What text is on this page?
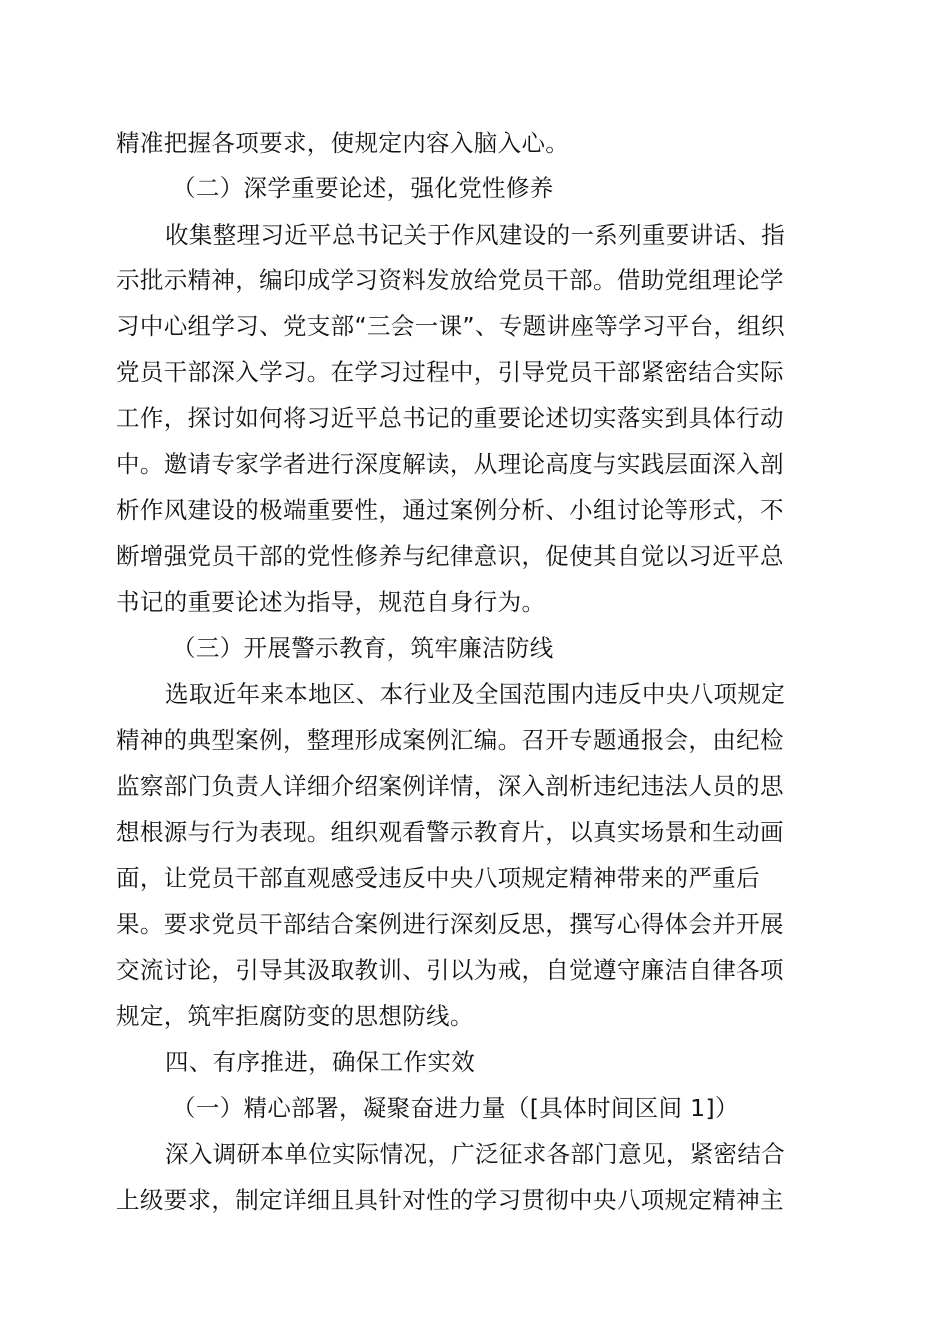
精准把握各项要求，使规定内容入脑入心。
（二）深学重要论述，强化党性修养
收集整理习近平总书记关于作风建设的一系列重要讲话、指
示批示精神，编印成学习资料发放给党员干部。借助党组理论学
习中心组学习、党支部“三会一课”、专题讲座等学习平台，组织
党员干部深入学习。在学习过程中，引导党员干部紧密结合实际
工作，探讨如何将习近平总书记的重要论述切实落实到具体行动
中。邀请专家学者进行深度解读，从理论高度与实践层面深入剖
析作风建设的极端重要性，通过案例分析、小组讨论等形式，不
断增强党员干部的党性修养与纪律意识，促使其自觉以习近平总
书记的重要论述为指导，规范自身行为。
（三）开展警示教育，筑牢廉洁防线
选取近年来本地区、本行业及全国范围内违反中央八项规定
精神的典型案例，整理形成案例汇编。召开专题通报会，由纪检
监察部门负责人详细介绍案例详情，深入剖析违纪违法人员的思
想根源与行为表现。组织观看警示教育片，以真实场景和生动画
面，让党员干部直观感受违反中央八项规定精神带来的严重后
果。要求党员干部结合案例进行深刻反思，撰写心得体会并开展
交流讨论，引导其汲取教训、引以为戒，自觉遵守廉洁自律各项
规定，筑牢拒腐防变的思想防线。
四、有序推进，确保工作实效
（一）精心部署，凝聚奋进力量（[具体时间区间 1]）
深入调研本单位实际情况，广泛征求各部门意见，紧密结合
上级要求，制定详细且具针对性的学习贯彻中央八项规定精神主
